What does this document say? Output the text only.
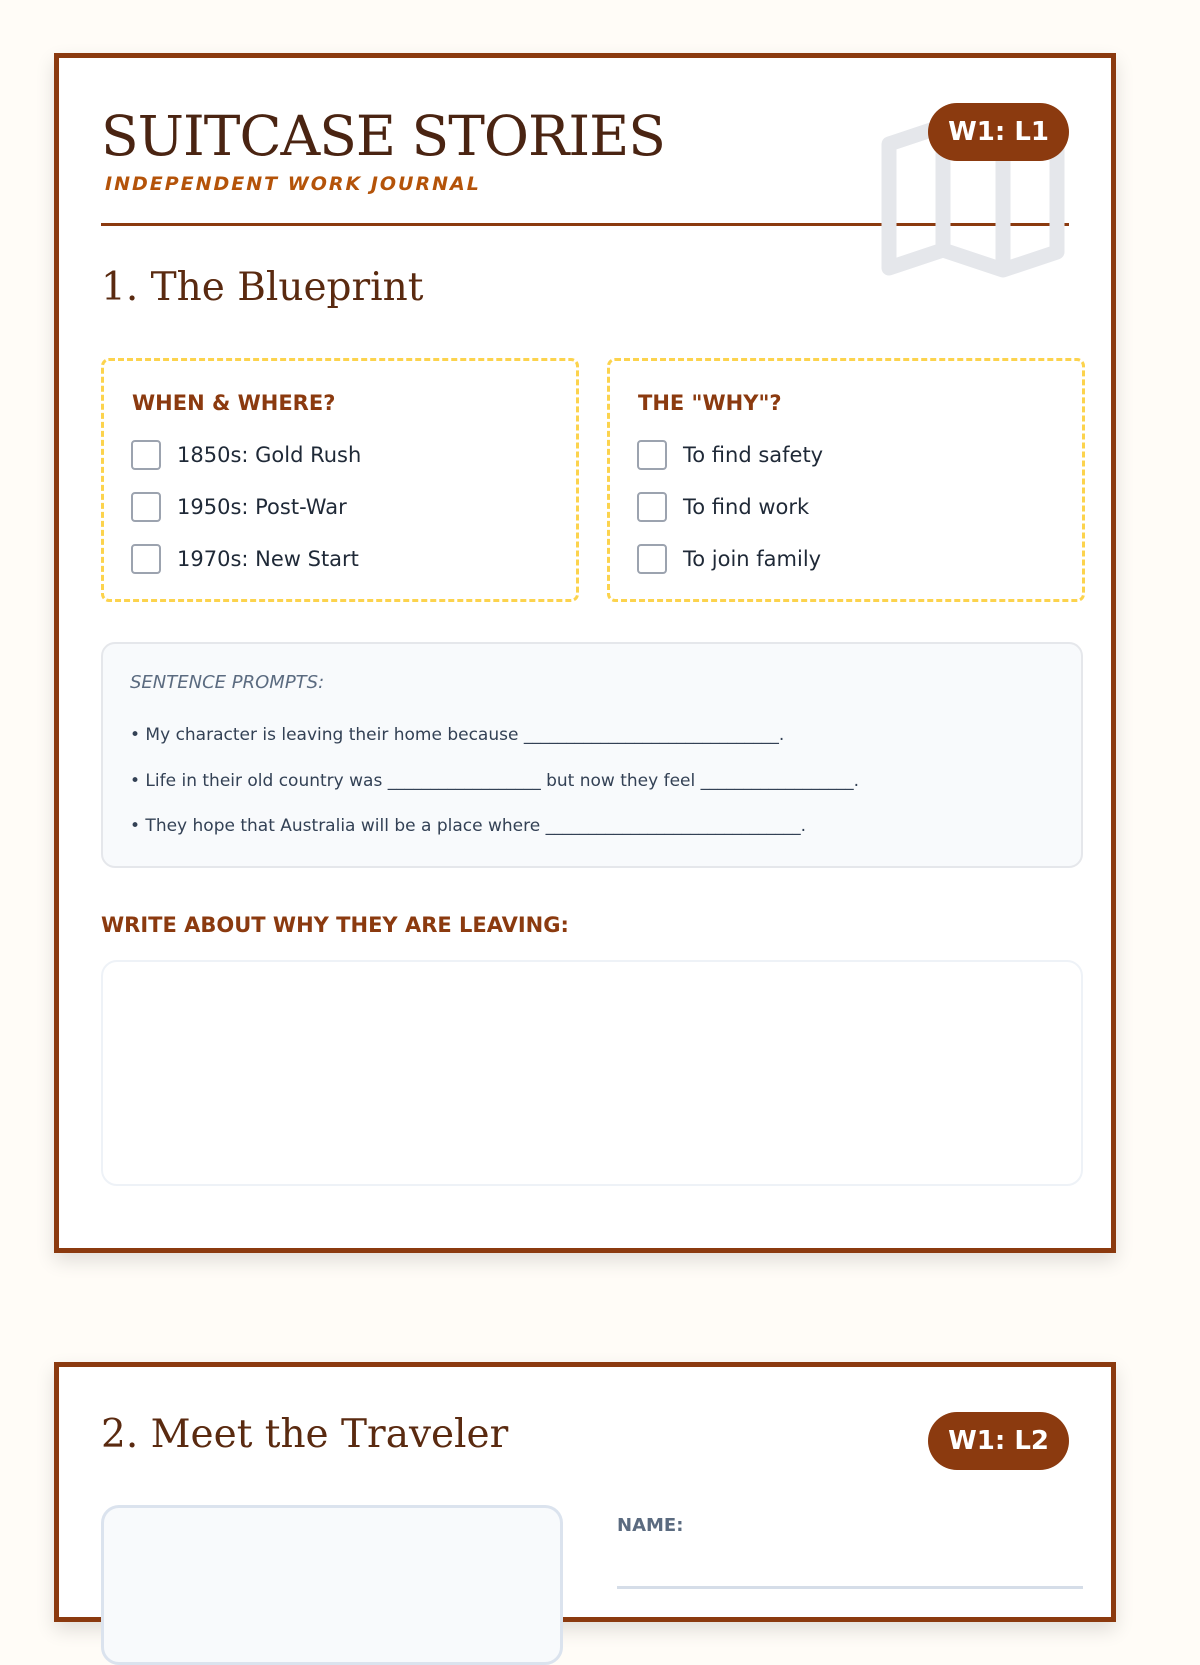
SUITCASE STORIES
INDEPENDENT WORK JOURNAL
W1: L1
1. The Blueprint
WHEN & WHERE?
1850s: Gold Rush
1950s: Post-War
1970s: New Start
THE "WHY"?
To find safety
To find work
To join family
SENTENCE PROMPTS:
• My character is leaving their home because ______________________________.
• Life in their old country was __________________ but now they feel __________________.
• They hope that Australia will be a place where ______________________________.
WRITE ABOUT WHY THEY ARE LEAVING:
2. Meet the Traveler	W1: L2
NAME:
